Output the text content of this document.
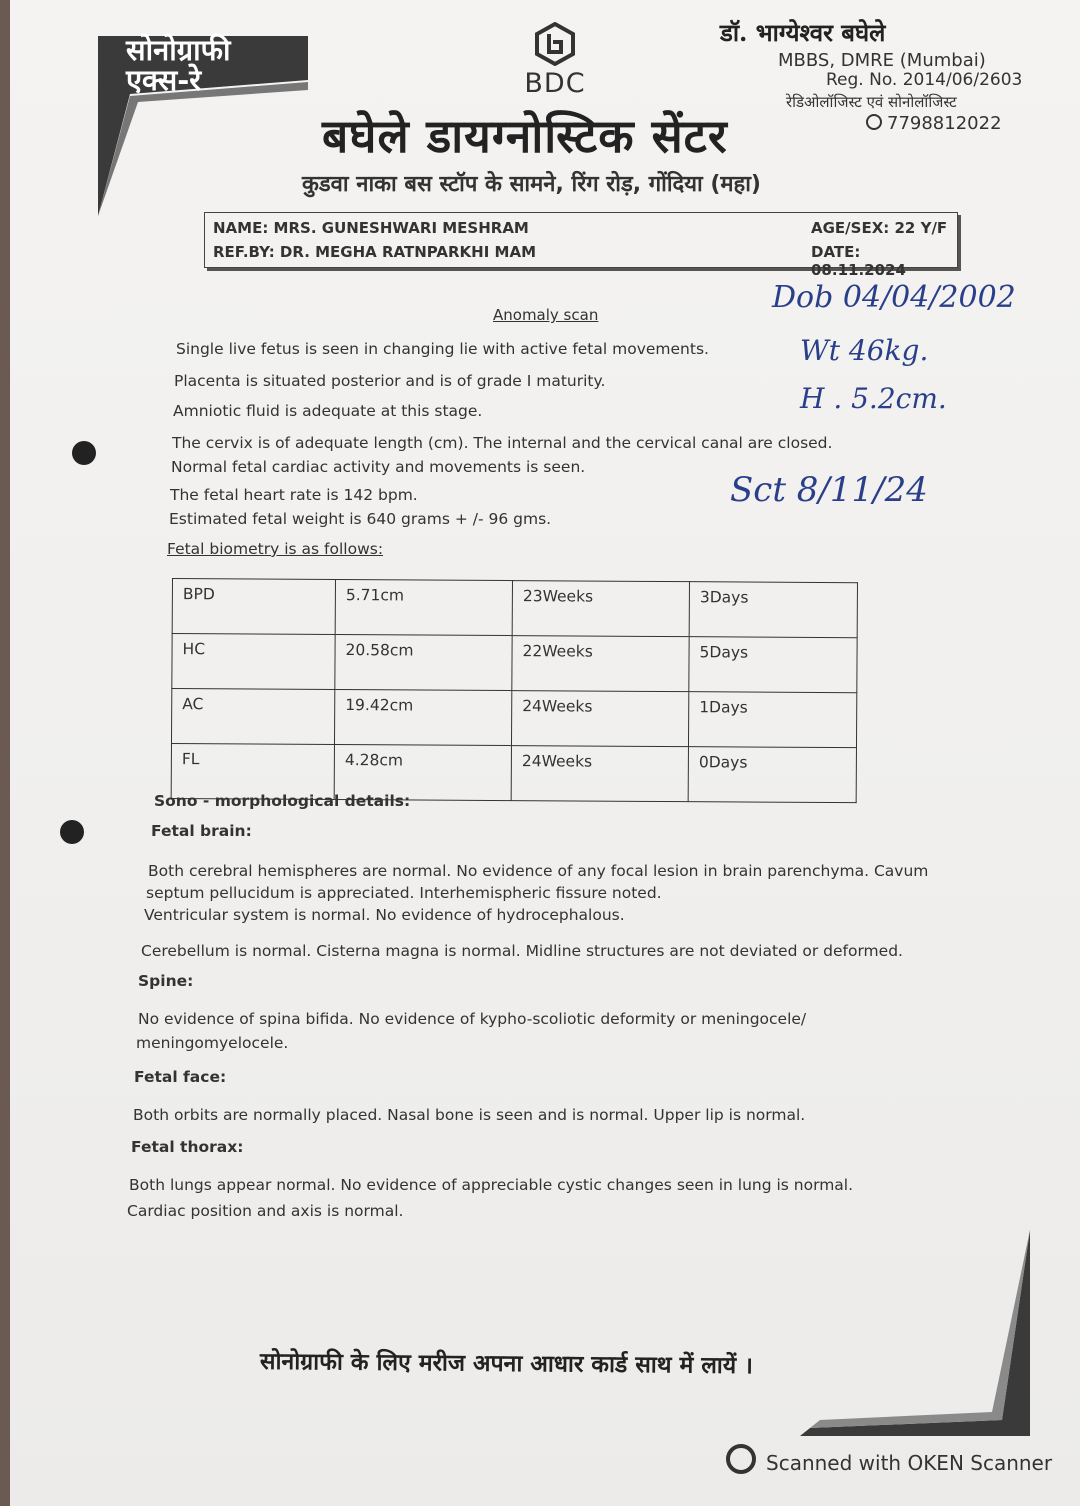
सोनोग्राफी
एक्स-रे	BDC
बघेले डायग्नोस्टिक सेंटर
कुडवा नाका बस स्टॉप के सामने, रिंग रोड़, गोंदिया (महा)
डॉ. भाग्येश्वर बघेले
MBBS, DMRE (Mumbai)
Reg. No. 2014/06/2603
रेडिओलॉजिस्ट एवं सोनोलॉजिस्ट
7798812022
NAME: MRS. GUNESHWARI MESHRAM	AGE/SEX: 22 Y/F
REF.BY: DR. MEGHA RATNPARKHI MAM	DATE: 08.11.2024
Anomaly scan
Single live fetus is seen in changing lie with active fetal movements.
Placenta is situated posterior and is of grade I maturity.
Amniotic fluid is adequate at this stage.
The cervix is of adequate length (cm). The internal and the cervical canal are closed.
Normal fetal cardiac activity and movements is seen.
The fetal heart rate is 142 bpm.
Estimated fetal weight is 640 grams + /- 96 gms.
Fetal biometry is as follows:
Dob 04/04/2002
Wt 46kg.
H . 5.2cm.
Sct 8/11/24
BPD	5.71cm	23Weeks	3Days
HC	20.58cm	22Weeks	5Days
AC	19.42cm	24Weeks	1Days
FL	4.28cm	24Weeks	0Days
Sono - morphological details:
Fetal brain:
Both cerebral hemispheres are normal. No evidence of any focal lesion in brain parenchyma. Cavum
septum pellucidum is appreciated. Interhemispheric fissure noted.
Ventricular system is normal. No evidence of hydrocephalous.
Cerebellum is normal. Cisterna magna is normal. Midline structures are not deviated or deformed.
Spine:
No evidence of spina bifida. No evidence of kypho-scoliotic deformity or meningocele/
meningomyelocele.
Fetal face:
Both orbits are normally placed. Nasal bone is seen and is normal. Upper lip is normal.
Fetal thorax:
Both lungs appear normal. No evidence of appreciable cystic changes seen in lung is normal.
Cardiac position and axis is normal.
सोनोग्राफी के लिए मरीज अपना आधार कार्ड साथ में लायें ।
Scanned with OKEN Scanner
